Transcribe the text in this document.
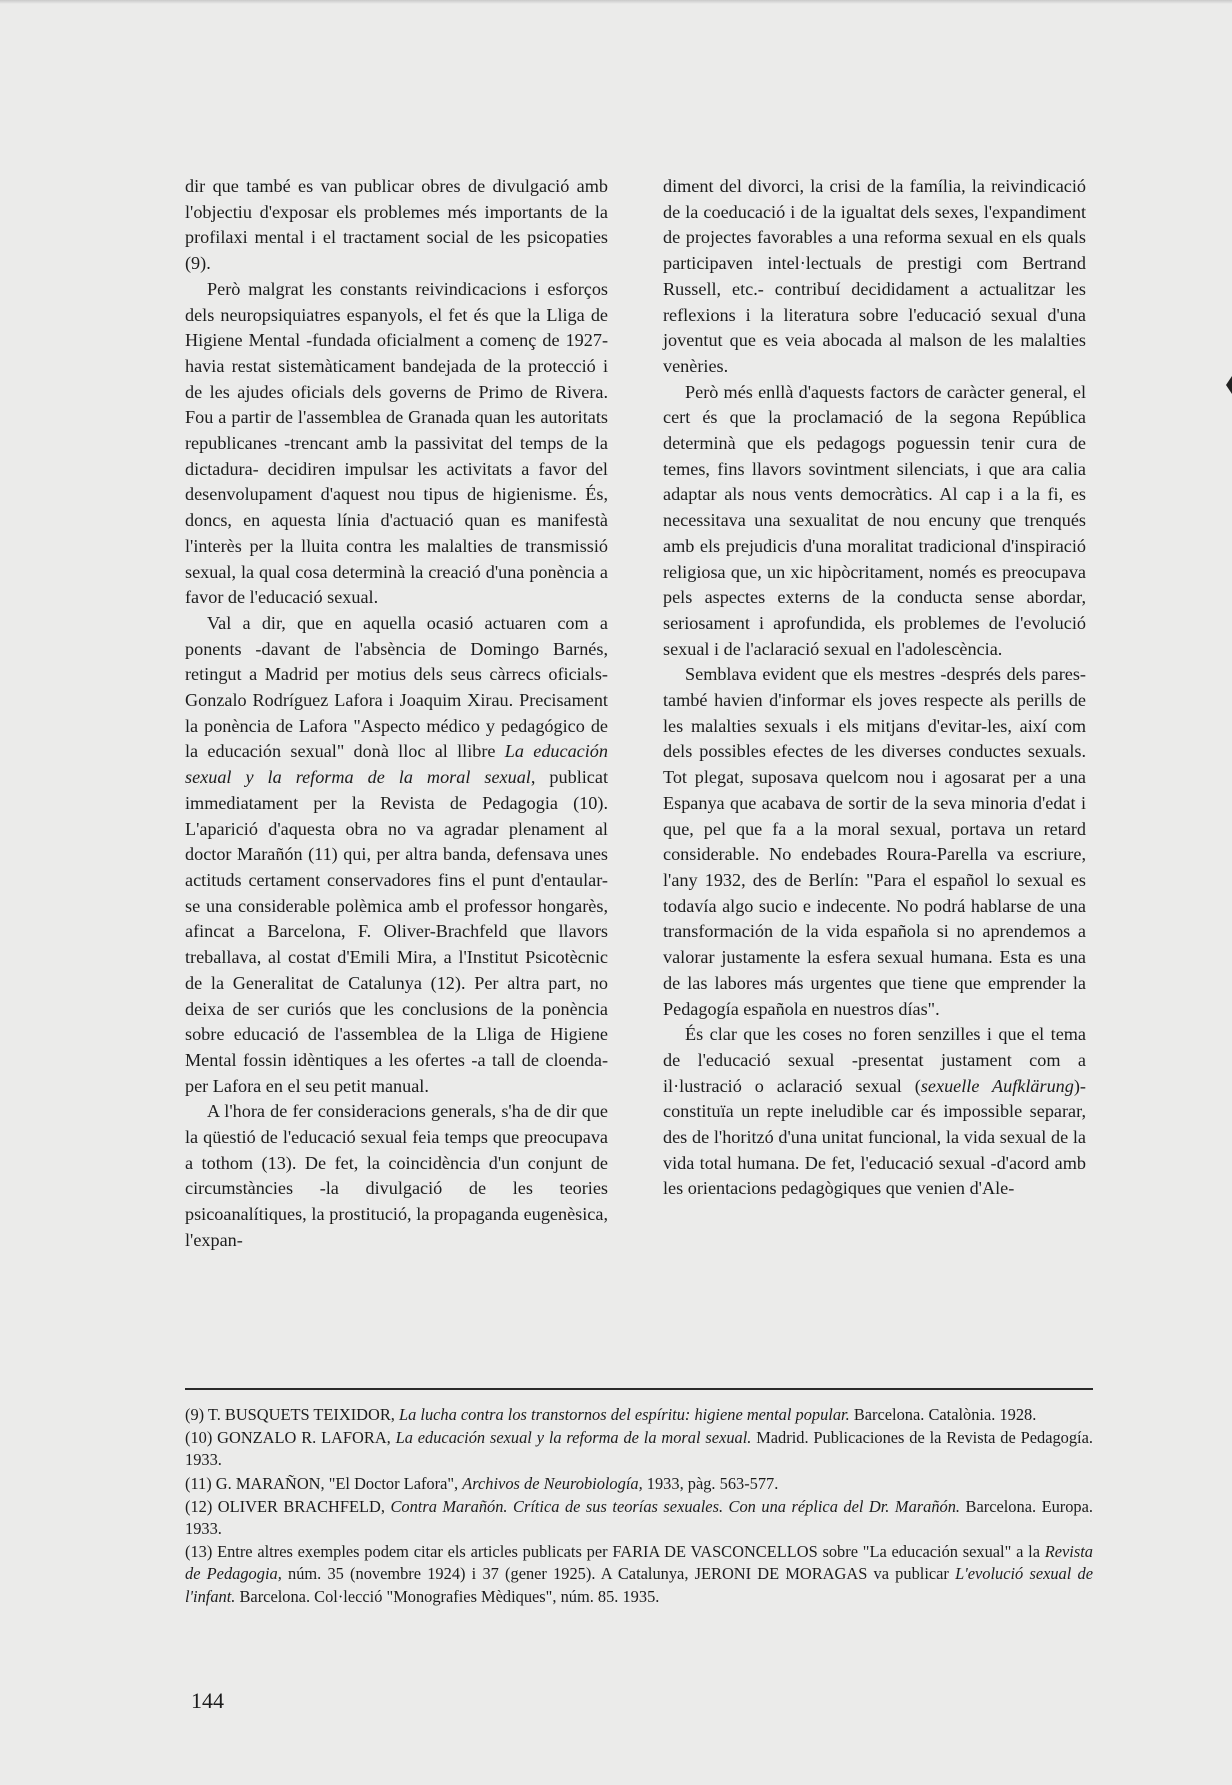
dir que també es van publicar obres de divulgació amb l'objectiu d'exposar els problemes més importants de la profilaxi mental i el tractament social de les psicopaties (9).

Però malgrat les constants reivindicacions i esforços dels neuropsiquiatres espanyols, el fet és que la Lliga de Higiene Mental -fundada oficialment a començ de 1927- havia restat sistemàticament bandejada de la protecció i de les ajudes oficials dels governs de Primo de Rivera. Fou a partir de l'assemblea de Granada quan les autoritats republicanes -trencant amb la passivitat del temps de la dictadura- decidiren impulsar les activitats a favor del desenvolupament d'aquest nou tipus de higienisme. És, doncs, en aquesta línia d'actuació quan es manifestà l'interès per la lluita contra les malalties de transmissió sexual, la qual cosa determinà la creació d'una ponència a favor de l'educació sexual.

Val a dir, que en aquella ocasió actuaren com a ponents -davant de l'absència de Domingo Barnés, retingut a Madrid per motius dels seus càrrecs oficials- Gonzalo Rodríguez Lafora i Joaquim Xirau. Precisament la ponència de Lafora "Aspecto médico y pedagógico de la educación sexual" donà lloc al llibre La educación sexual y la reforma de la moral sexual, publicat immediatament per la Revista de Pedagogia (10). L'aparició d'aquesta obra no va agradar plenament al doctor Marañón (11) qui, per altra banda, defensava unes actituds certament conservadores fins el punt d'entaular-se una considerable polèmica amb el professor hongarès, afincat a Barcelona, F. Oliver-Brachfeld que llavors treballava, al costat d'Emili Mira, a l'Institut Psicotècnic de la Generalitat de Catalunya (12). Per altra part, no deixa de ser curiós que les conclusions de la ponència sobre educació de l'assemblea de la Lliga de Higiene Mental fossin idèntiques a les ofertes -a tall de cloenda- per Lafora en el seu petit manual.

A l'hora de fer consideracions generals, s'ha de dir que la qüestió de l'educació sexual feia temps que preocupava a tothom (13). De fet, la coincidència d'un conjunt de circumstàncies -la divulgació de les teories psicoanalítiques, la prostitució, la propaganda eugenèsica, l'expan-

diment del divorci, la crisi de la família, la reivindicació de la coeducació i de la igualtat dels sexes, l'expandiment de projectes favorables a una reforma sexual en els quals participaven intel·lectuals de prestigi com Bertrand Russell, etc.- contribuí decididament a actualitzar les reflexions i la literatura sobre l'educació sexual d'una joventut que es veia abocada al malson de les malalties venèries.

Però més enllà d'aquests factors de caràcter general, el cert és que la proclamació de la segona República determinà que els pedagogs poguessin tenir cura de temes, fins llavors sovintment silenciats, i que ara calia adaptar als nous vents democràtics. Al cap i a la fi, es necessitava una sexualitat de nou encuny que trenqués amb els prejudicis d'una moralitat tradicional d'inspiració religiosa que, un xic hipòcritament, només es preocupava pels aspectes externs de la conducta sense abordar, seriosament i aprofundida, els problemes de l'evolució sexual i de l'aclaració sexual en l'adolescència.

Semblava evident que els mestres -després dels pares- també havien d'informar els joves respecte als perills de les malalties sexuals i els mitjans d'evitar-les, així com dels possibles efectes de les diverses conductes sexuals. Tot plegat, suposava quelcom nou i agosarat per a una Espanya que acabava de sortir de la seva minoria d'edat i que, pel que fa a la moral sexual, portava un retard considerable. No endebades Roura-Parella va escriure, l'any 1932, des de Berlín: "Para el español lo sexual es todavía algo sucio e indecente. No podrá hablarse de una transformación de la vida española si no aprendemos a valorar justamente la esfera sexual humana. Esta es una de las labores más urgentes que tiene que emprender la Pedagogía española en nuestros días".

És clar que les coses no foren senzilles i que el tema de l'educació sexual -presentat justament com a il·lustració o aclaració sexual (sexuelle Aufklärung)- constituïa un repte ineludible car és impossible separar, des de l'horitzó d'una unitat funcional, la vida sexual de la vida total humana. De fet, l'educació sexual -d'acord amb les orientacions pedagògiques que venien d'Ale-

(9) T. BUSQUETS TEIXIDOR, La lucha contra los transtornos del espíritu: higiene mental popular. Barcelona. Catalònia. 1928.

(10) GONZALO R. LAFORA, La educación sexual y la reforma de la moral sexual. Madrid. Publicaciones de la Revista de Pedagogía. 1933.

(11) G. MARAÑON, "El Doctor Lafora", Archivos de Neurobiología, 1933, pàg. 563-577.

(12) OLIVER BRACHFELD, Contra Marañón. Crítica de sus teorías sexuales. Con una réplica del Dr. Marañón. Barcelona. Europa. 1933.

(13) Entre altres exemples podem citar els articles publicats per FARIA DE VASCONCELLOS sobre "La educación sexual" a la Revista de Pedagogia, núm. 35 (novembre 1924) i 37 (gener 1925). A Catalunya, JERONI DE MORAGAS va publicar L'evolució sexual de l'infant. Barcelona. Col·lecció "Monografies Mèdiques", núm. 85. 1935.

144
